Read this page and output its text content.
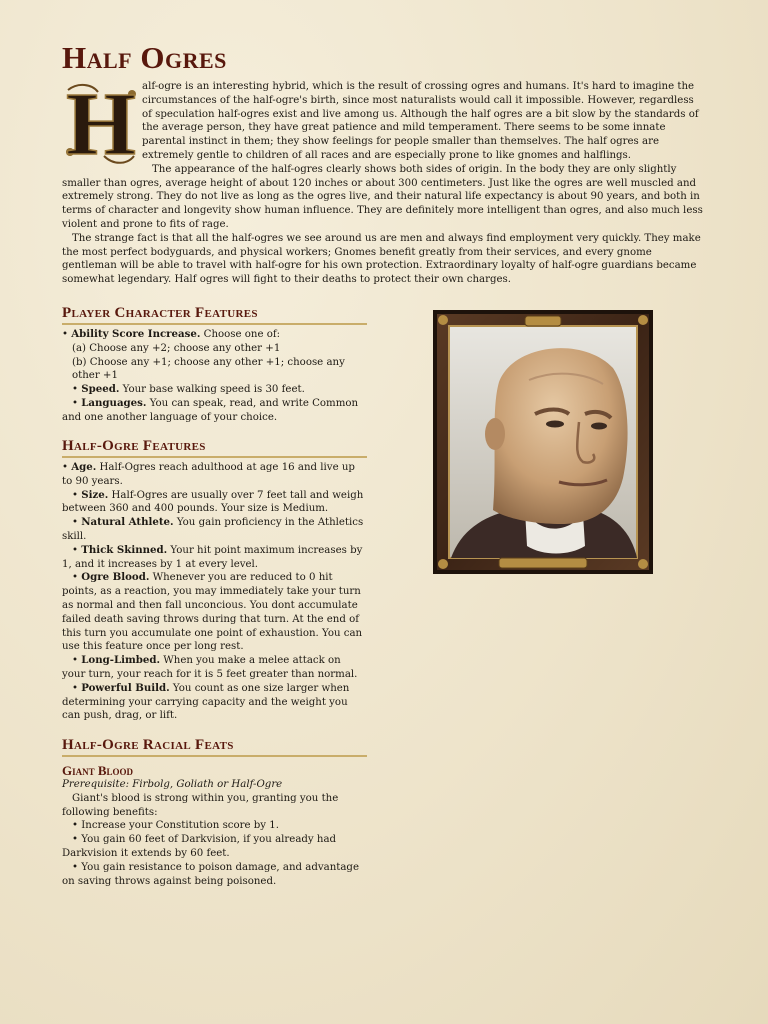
Half Ogres
H alf-ogre is an interesting hybrid, which is the result of crossing ogres and humans. It's hard to imagine the circumstances of the half-ogre's birth, since most naturalists would call it impossible. However, regardless of speculation half-ogres exist and live among us. Although the half ogres are a bit slow by the standards of the average person, they have great patience and mild temperament. There seems to be some innate parental instinct in them; they show feelings for people smaller than themselves. The half ogres are extremely gentle to children of all races and are especially prone to like gnomes and halflings.

The appearance of the half-ogres clearly shows both sides of origin. In the body they are only slightly smaller than ogres, average height of about 120 inches or about 300 centimeters. Just like the ogres are well muscled and extremely strong. They do not live as long as the ogres live, and their natural life expectancy is about 90 years, and both in terms of character and longevity show human influence. They are definitely more intelligent than ogres, and also much less violent and prone to fits of rage.

The strange fact is that all the half-ogres we see around us are men and always find employment very quickly. They make the most perfect bodyguards, and physical workers; Gnomes benefit greatly from their services, and every gnome gentleman will be able to travel with half-ogre for his own protection. Extraordinary loyalty of half-ogre guardians became somewhat legendary. Half ogres will fight to their deaths to protect their own charges.

Player Character Features

• Ability Score Increase. Choose one of:

(a) Choose any +2; choose any other +1

(b) Choose any +1; choose any other +1; choose any other +1

• Speed. Your base walking speed is 30 feet.

• Languages. You can speak, read, and write Common and one another language of your choice.

Half-Ogre Features

• Age. Half-Ogres reach adulthood at age 16 and live up to 90 years.

• Size. Half-Ogres are usually over 7 feet tall and weigh between 360 and 400 pounds. Your size is Medium.

• Natural Athlete. You gain proficiency in the Athletics skill.

• Thick Skinned. Your hit point maximum increases by 1, and it increases by 1 at every level.

• Ogre Blood. Whenever you are reduced to 0 hit points, as a reaction, you may immediately take your turn as normal and then fall unconcious. You dont accumulate failed death saving throws during that turn. At the end of this turn you accumulate one point of exhaustion. You can use this feature once per long rest.

• Long-Limbed. When you make a melee attack on your turn, your reach for it is 5 feet greater than normal.

• Powerful Build. You count as one size larger when determining your carrying capacity and the weight you can push, drag, or lift.

Half-Ogre Racial Feats
Giant Blood

Prerequisite: Firbolg, Goliath or Half-Ogre

Giant's blood is strong within you, granting you the following benefits:

• Increase your Constitution score by 1.

• You gain 60 feet of Darkvision, if you already had Darkvision it extends by 60 feet.

• You gain resistance to poison damage, and advantage on saving throws against being poisoned.
